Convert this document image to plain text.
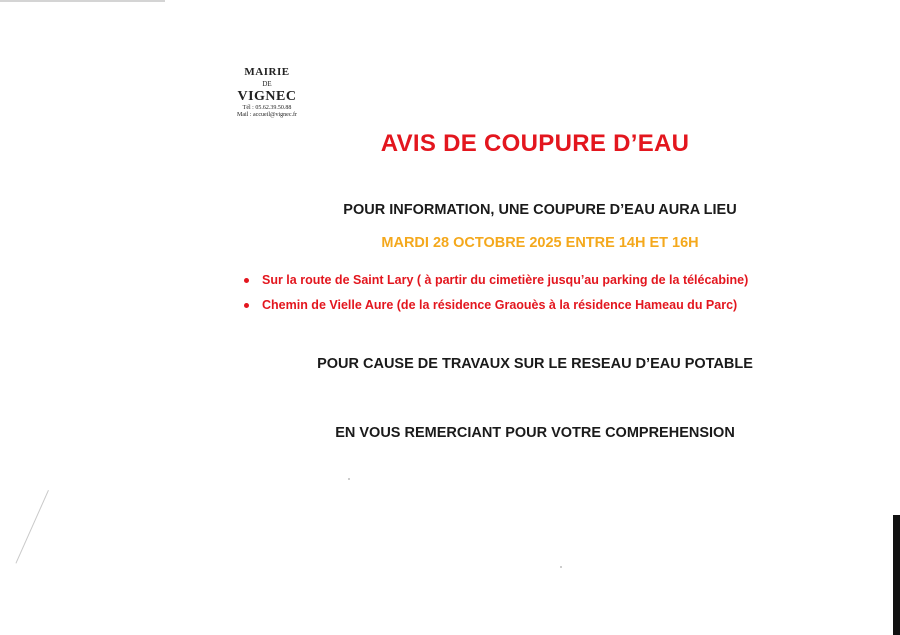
MAIRIE
DE
VIGNEC
Tél : 05.62.39.50.88
Mail : accueil@vignec.fr
AVIS DE COUPURE D’EAU

POUR INFORMATION, UNE COUPURE D’EAU AURA LIEU

MARDI 28 OCTOBRE 2025 ENTRE 14H ET 16H

Sur la route de Saint Lary ( à partir du cimetière jusqu’au parking de la télécabine)
Chemin de Vielle Aure (de la résidence Graouès à la résidence Hameau du Parc)

POUR CAUSE DE TRAVAUX SUR LE RESEAU D’EAU POTABLE

EN VOUS REMERCIANT POUR VOTRE COMPREHENSION
